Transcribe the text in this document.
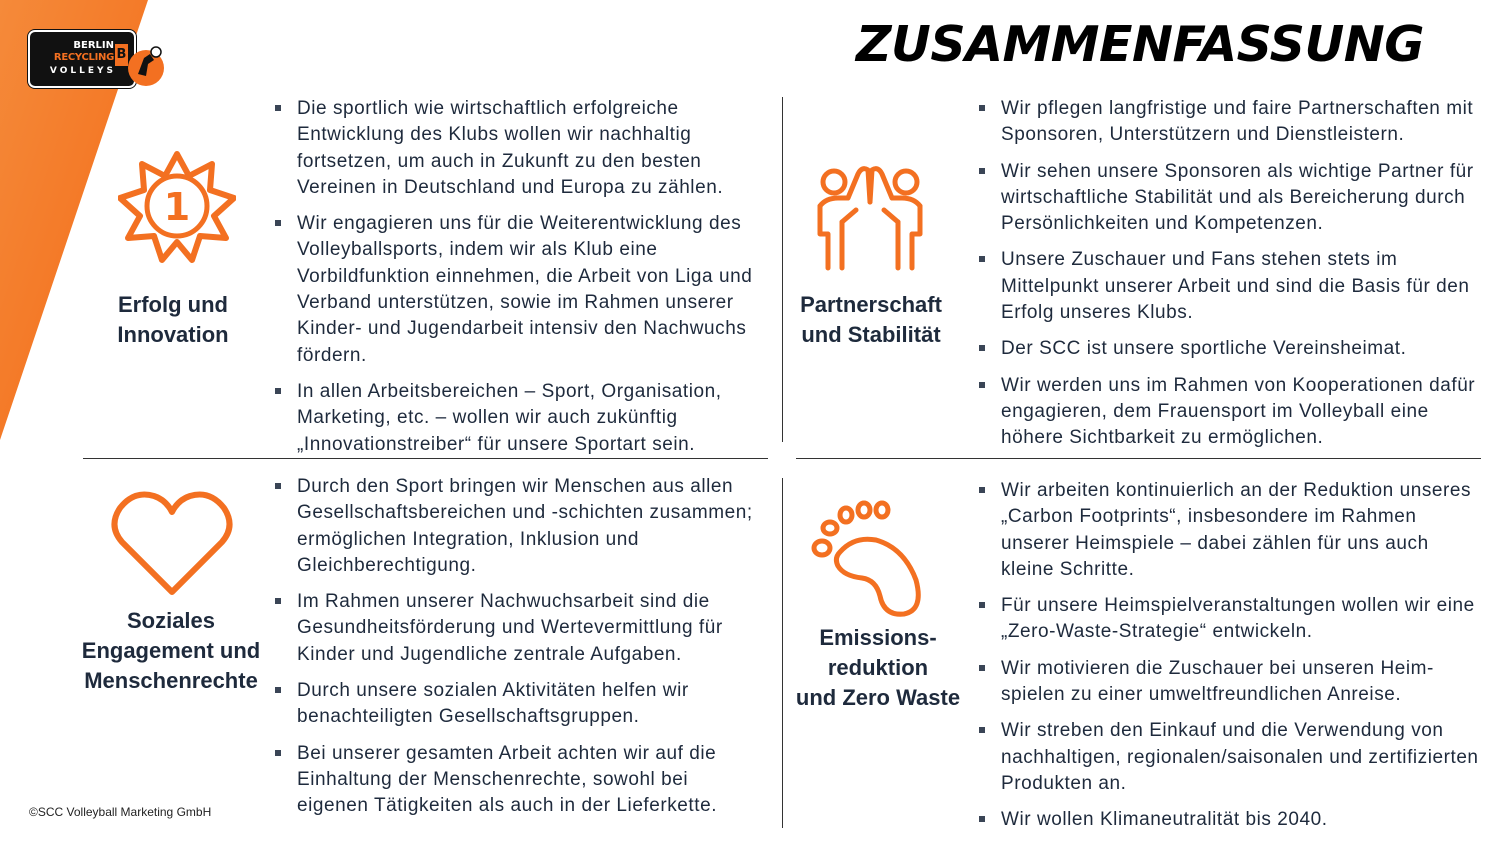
BERLIN
RECYCLING
VOLLEYS
B	ZUSAMMENFASSUNG
1
Erfolg und
Innovation
Die sportlich wie wirtschaftlich erfolgreiche Entwicklung des Klubs wollen wir nachhaltig fortsetzen, um auch in Zukunft zu den besten Vereinen in Deutschland und Europa zu zählen.
Wir engagieren uns für die Weiterentwicklung des Volleyballsports, indem wir als Klub eine Vorbildfunktion einnehmen, die Arbeit von Liga und Verband unterstützen, sowie im Rahmen unserer Kinder- und Jugendarbeit intensiv den Nachwuchs fördern.
In allen Arbeitsbereichen – Sport, Organisation, Marketing, etc. – wollen wir auch zukünftig „Innovationstreiber“ für unsere Sportart sein.
Partnerschaft
und Stabilität
Wir pflegen langfristige und faire Partnerschaften mit Sponsoren, Unterstützern und Dienstleistern.
Wir sehen unsere Sponsoren als wichtige Partner für wirtschaftliche Stabilität und als Bereicherung durch Persönlichkeiten und Kompetenzen.
Unsere Zuschauer und Fans stehen stets im Mittelpunkt unserer Arbeit und sind die Basis für den Erfolg unseres Klubs.
Der SCC ist unsere sportliche Vereinsheimat.
Wir werden uns im Rahmen von Kooperationen dafür engagieren, dem Frauensport im Volleyball eine höhere Sichtbarkeit zu ermöglichen.
Soziales
Engagement und
Menschenrechte
Durch den Sport bringen wir Menschen aus allen Gesellschaftsbereichen und -schichten zusammen; ermöglichen Integration, Inklusion und Gleichberechtigung.
Im Rahmen unserer Nachwuchsarbeit sind die Gesundheitsförderung und Wertevermittlung für Kinder und Jugendliche zentrale Aufgaben.
Durch unsere sozialen Aktivitäten helfen wir benachteiligten Gesellschaftsgruppen.
Bei unserer gesamten Arbeit achten wir auf die Einhaltung der Menschenrechte, sowohl bei eigenen Tätigkeiten als auch in der Lieferkette.
Emissions-
reduktion
und Zero Waste
Wir arbeiten kontinuierlich an der Reduktion unseres „Carbon Footprints“, insbesondere im Rahmen unserer Heimspiele – dabei zählen für uns auch kleine Schritte.
Für unsere Heimspielveranstaltungen wollen wir eine „Zero-Waste-Strategie“ entwickeln.
Wir motivieren die Zuschauer bei unseren Heim-spielen zu einer umweltfreundlichen Anreise.
Wir streben den Einkauf und die Verwendung von nachhaltigen, regionalen/saisonalen und zertifizierten Produkten an.
Wir wollen Klimaneutralität bis 2040.

©SCC Volleyball Marketing GmbH
